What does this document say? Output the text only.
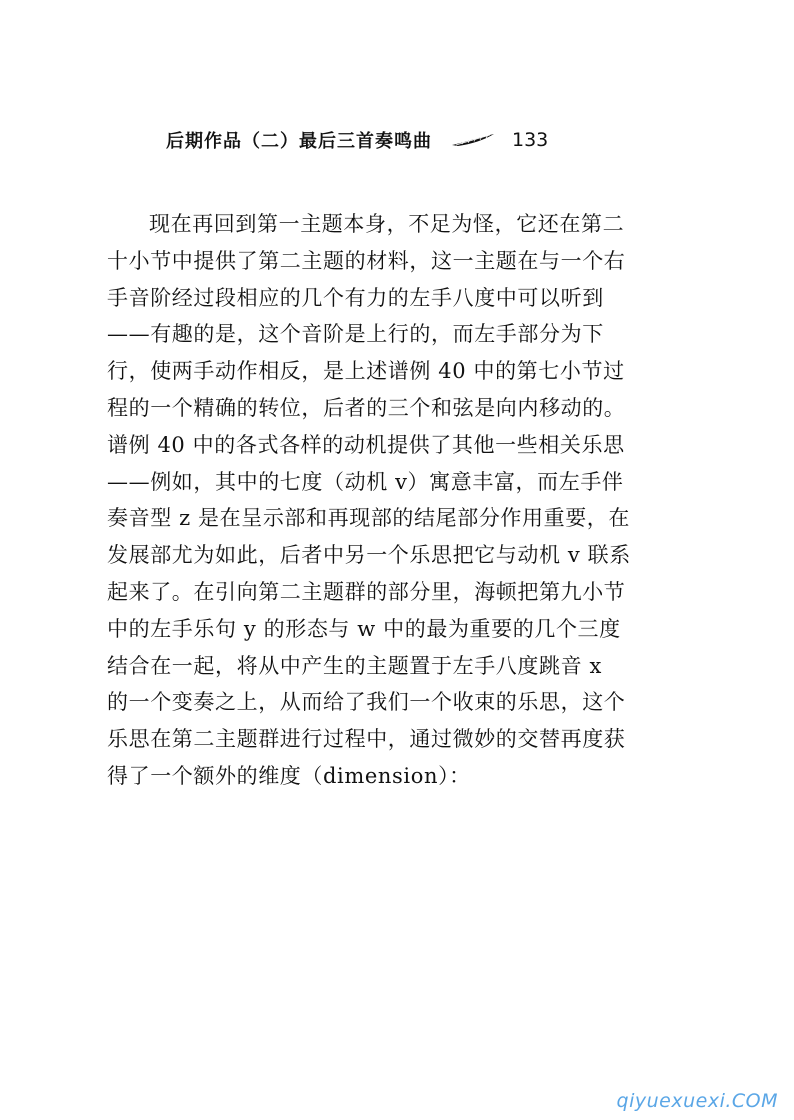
后期作品（二）最后三首奏鸣曲	133
现在再回到第一主题本身，不足为怪，它还在第二
十小节中提供了第二主题的材料，这一主题在与一个右
手音阶经过段相应的几个有力的左手八度中可以听到
——有趣的是，这个音阶是上行的，而左手部分为下
行，使两手动作相反，是上述谱例 40 中的第七小节过
程的一个精确的转位，后者的三个和弦是向内移动的。
谱例 40 中的各式各样的动机提供了其他一些相关乐思
——例如，其中的七度（动机 v）寓意丰富，而左手伴
奏音型 z 是在呈示部和再现部的结尾部分作用重要，在
发展部尤为如此，后者中另一个乐思把它与动机 v 联系
起来了。在引向第二主题群的部分里，海顿把第九小节
中的左手乐句 y 的形态与 w 中的最为重要的几个三度
结合在一起，将从中产生的主题置于左手八度跳音 x
的一个变奏之上，从而给了我们一个收束的乐思，这个
乐思在第二主题群进行过程中，通过微妙的交替再度获
得了一个额外的维度（dimension）：
qiyuexuexi.COM
